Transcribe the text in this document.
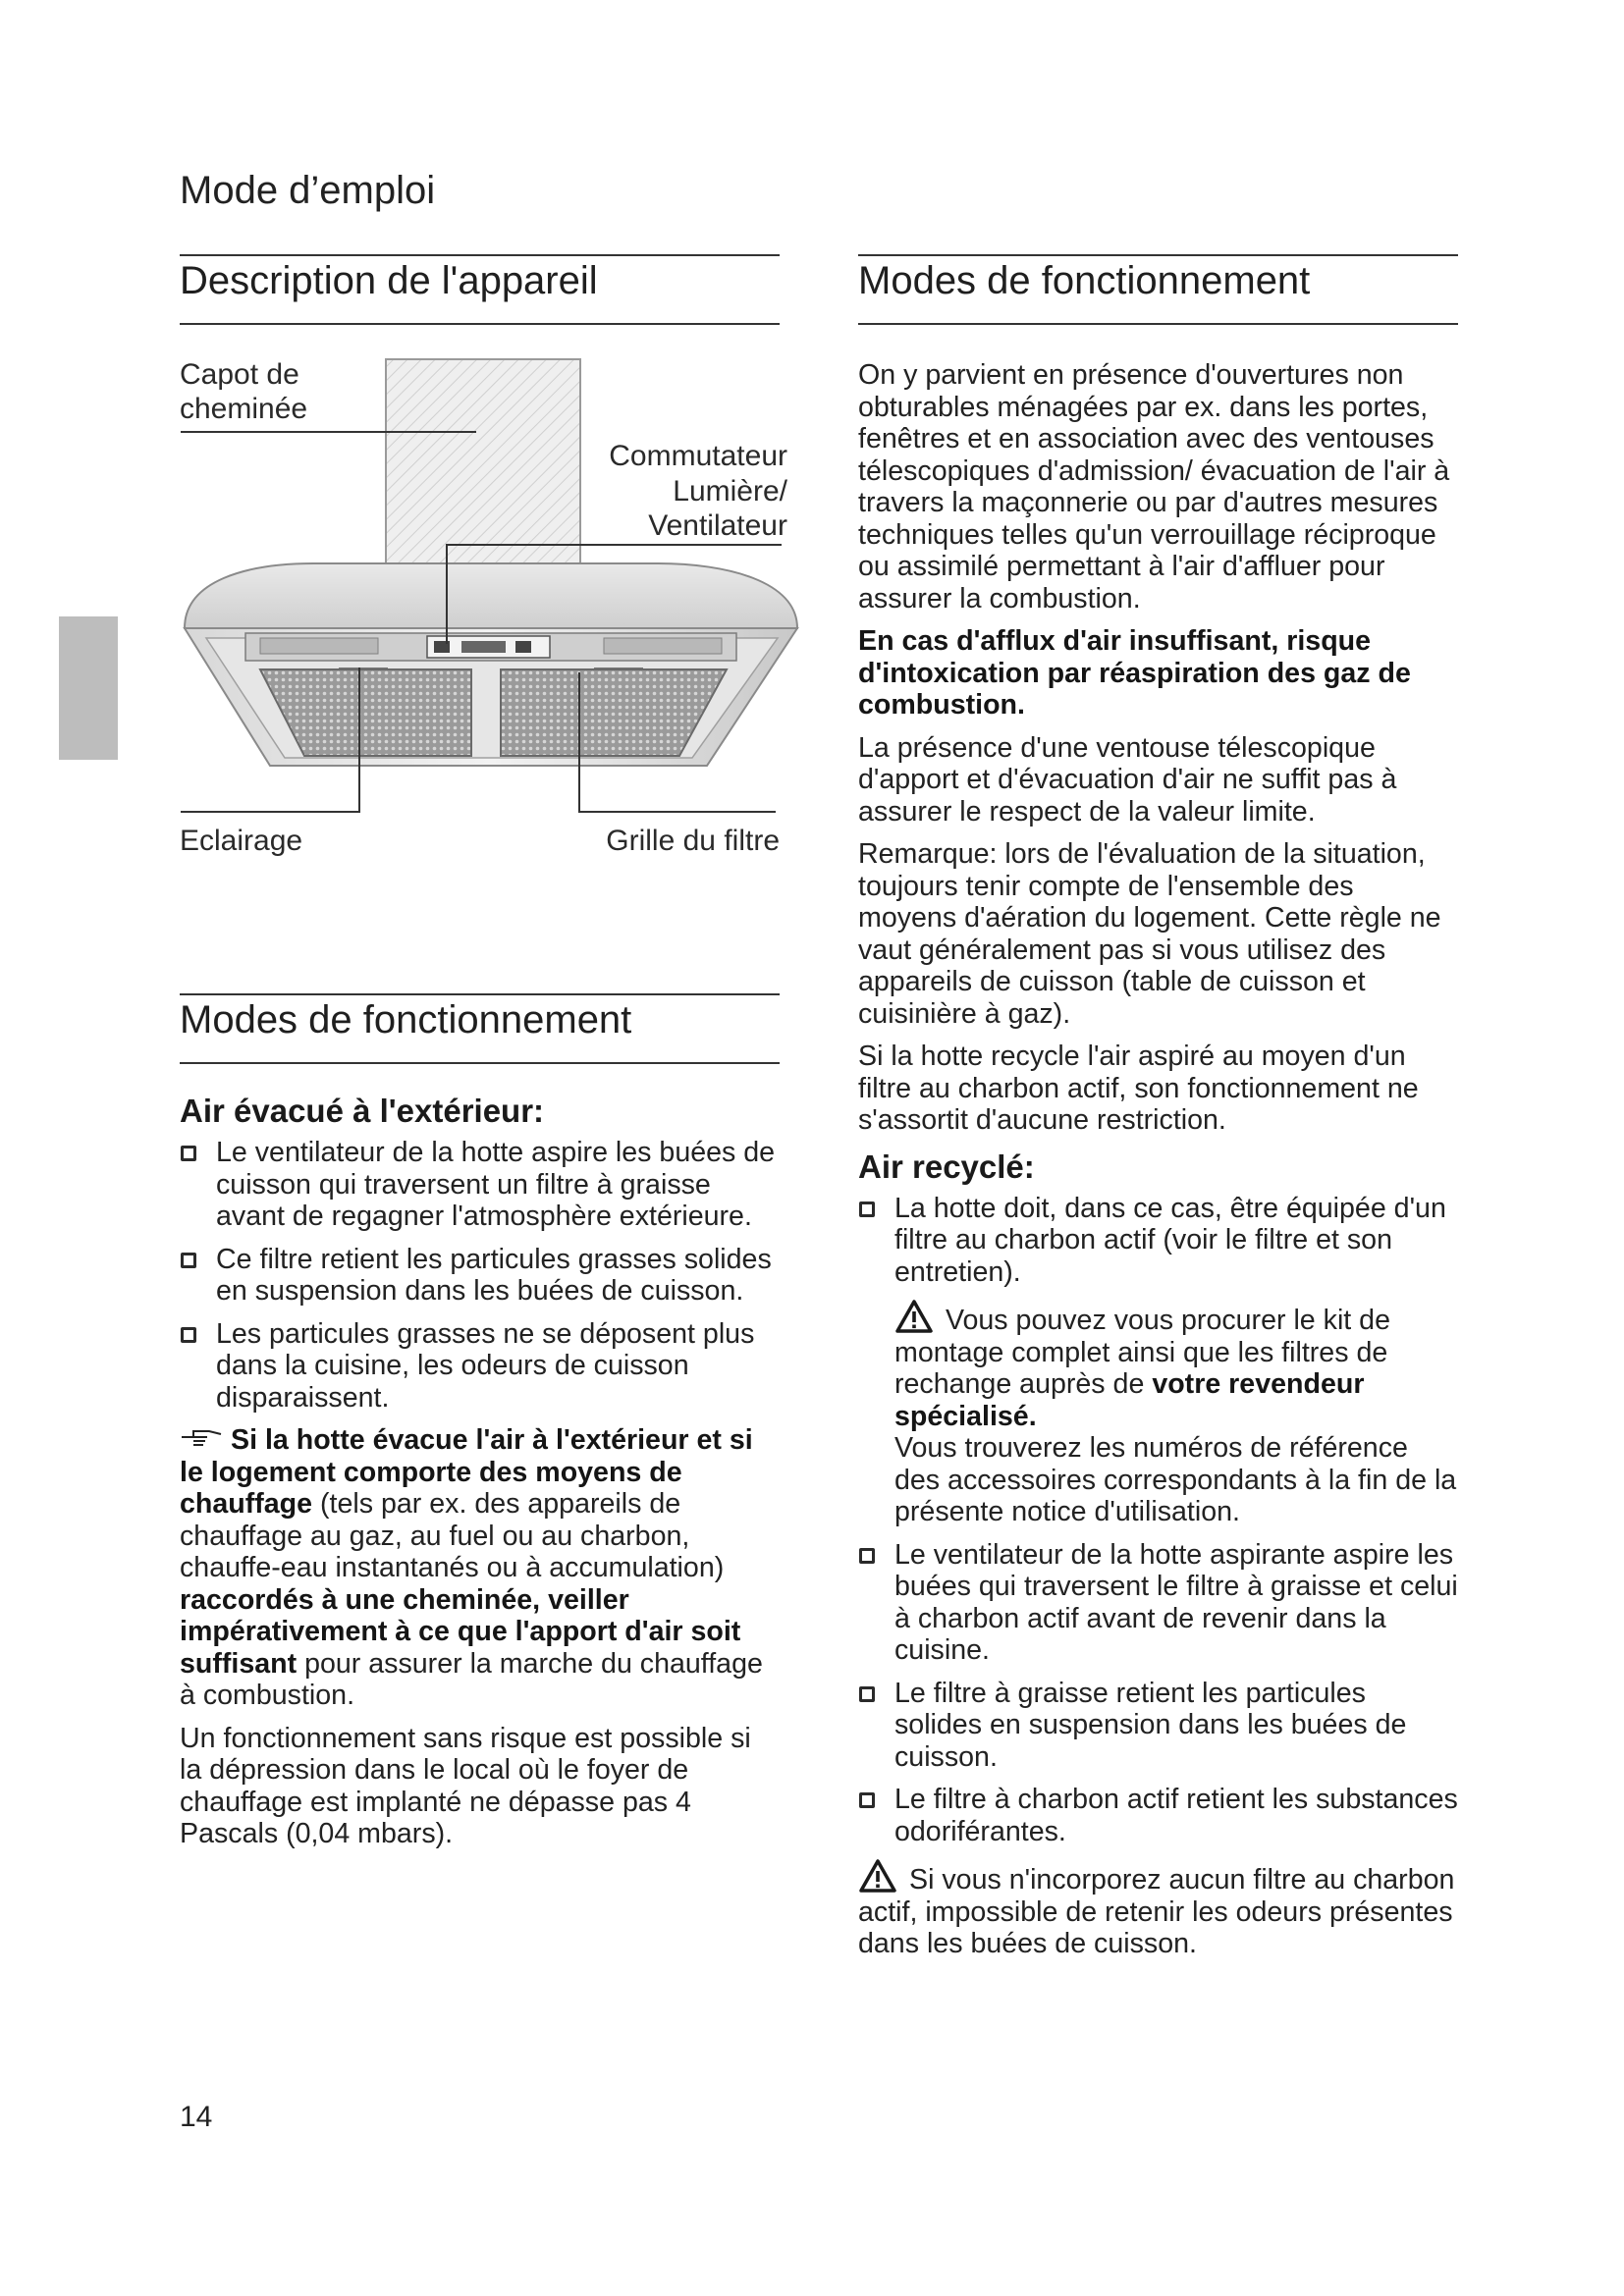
Mode d’emploi
Description de l'appareil
Capot de
cheminée
Commutateur
Lumière/
Ventilateur
Eclairage	Grille du filtre
Modes de fonctionnement
Air évacué à l'extérieur:
Le ventilateur de la hotte aspire les buées de cuisson qui traversent un filtre à graisse avant de regagner l'atmosphère extérieure.
Ce filtre retient les particules grasses solides en suspension dans les buées de cuisson.
Les particules grasses ne se déposent plus dans la cuisine, les odeurs de cuisson disparaissent.
Si la hotte évacue l'air à l'extérieur et si le logement comporte des moyens de chauffage (tels par ex. des appareils de chauffage au gaz, au fuel ou au charbon, chauffe-eau instantanés ou à accumulation) raccordés à une cheminée, veiller impérativement à ce que l'apport d'air soit suffisant pour assurer la marche du chauffage à combustion.

Un fonctionnement sans risque est possible si la dépression dans le local où le foyer de chauffage est implanté ne dépasse pas 4 Pascals (0,04 mbars).

Modes de fonctionnement

On y parvient en présence d'ouvertures non obturables ménagées par ex. dans les portes, fenêtres et en association avec des ventouses télescopiques d'admission/ évacuation de l'air à travers la maçonnerie ou par d'autres mesures techniques telles qu'un verrouillage réciproque ou assimilé permettant à l'air d'affluer pour assurer la combustion.

En cas d'afflux d'air insuffisant, risque d'intoxication par réaspiration des gaz de combustion.

La présence d'une ventouse télescopique d'apport et d'évacuation d'air ne suffit pas à assurer le respect de la valeur limite.

Remarque: lors de l'évaluation de la situation, toujours tenir compte de l'ensemble des moyens d'aération du logement. Cette règle ne vaut généralement pas si vous utilisez des appareils de cuisson (table de cuisson et cuisinière à gaz).

Si la hotte recycle l'air aspiré au moyen d'un filtre au charbon actif, son fonctionnement ne s'assortit d'aucune restriction.

Air recyclé:
La hotte doit, dans ce cas, être équipée d'un filtre au charbon actif (voir le filtre et son entretien).
Vous pouvez vous procurer le kit de montage complet ainsi que les filtres de rechange auprès de votre revendeur spécialisé.
Vous trouverez les numéros de référence des accessoires correspondants à la fin de la présente notice d'utilisation.
Le ventilateur de la hotte aspirante aspire les buées qui traversent le filtre à graisse et celui à charbon actif avant de revenir dans la cuisine.
Le filtre à graisse retient les particules solides en suspension dans les buées de cuisson.
Le filtre à charbon actif retient les substances odoriférantes.
Si vous n'incorporez aucun filtre au charbon actif, impossible de retenir les odeurs présentes dans les buées de cuisson.
14
